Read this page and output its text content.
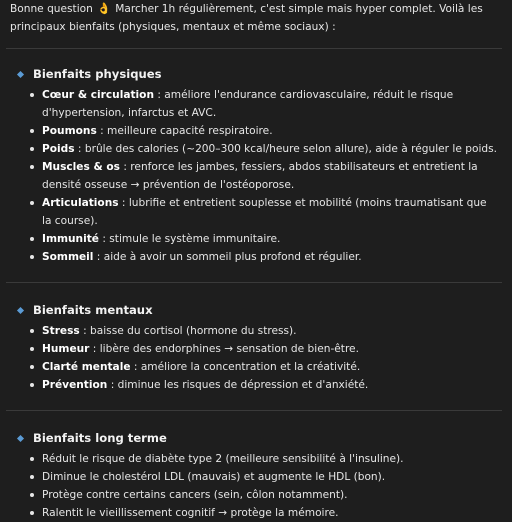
Bonne question 👌 Marcher 1h régulièrement, c'est simple mais hyper complet. Voilà les principaux bienfaits (physiques, mentaux et même sociaux) :

Bienfaits physiques
Cœur & circulation : améliore l'endurance cardiovasculaire, réduit le risque d'hypertension, infarctus et AVC.
Poumons : meilleure capacité respiratoire.
Poids : brûle des calories (~200–300 kcal/heure selon allure), aide à réguler le poids.
Muscles & os : renforce les jambes, fessiers, abdos stabilisateurs et entretient la densité osseuse → prévention de l'ostéoporose.
Articulations : lubrifie et entretient souplesse et mobilité (moins traumatisant que la course).
Immunité : stimule le système immunitaire.
Sommeil : aide à avoir un sommeil plus profond et régulier.
Bienfaits mentaux
Stress : baisse du cortisol (hormone du stress).
Humeur : libère des endorphines → sensation de bien-être.
Clarté mentale : améliore la concentration et la créativité.
Prévention : diminue les risques de dépression et d'anxiété.
Bienfaits long terme
Réduit le risque de diabète type 2 (meilleure sensibilité à l'insuline).
Diminue le cholestérol LDL (mauvais) et augmente le HDL (bon).
Protège contre certains cancers (sein, côlon notamment).
Ralentit le vieillissement cognitif → protège la mémoire.
